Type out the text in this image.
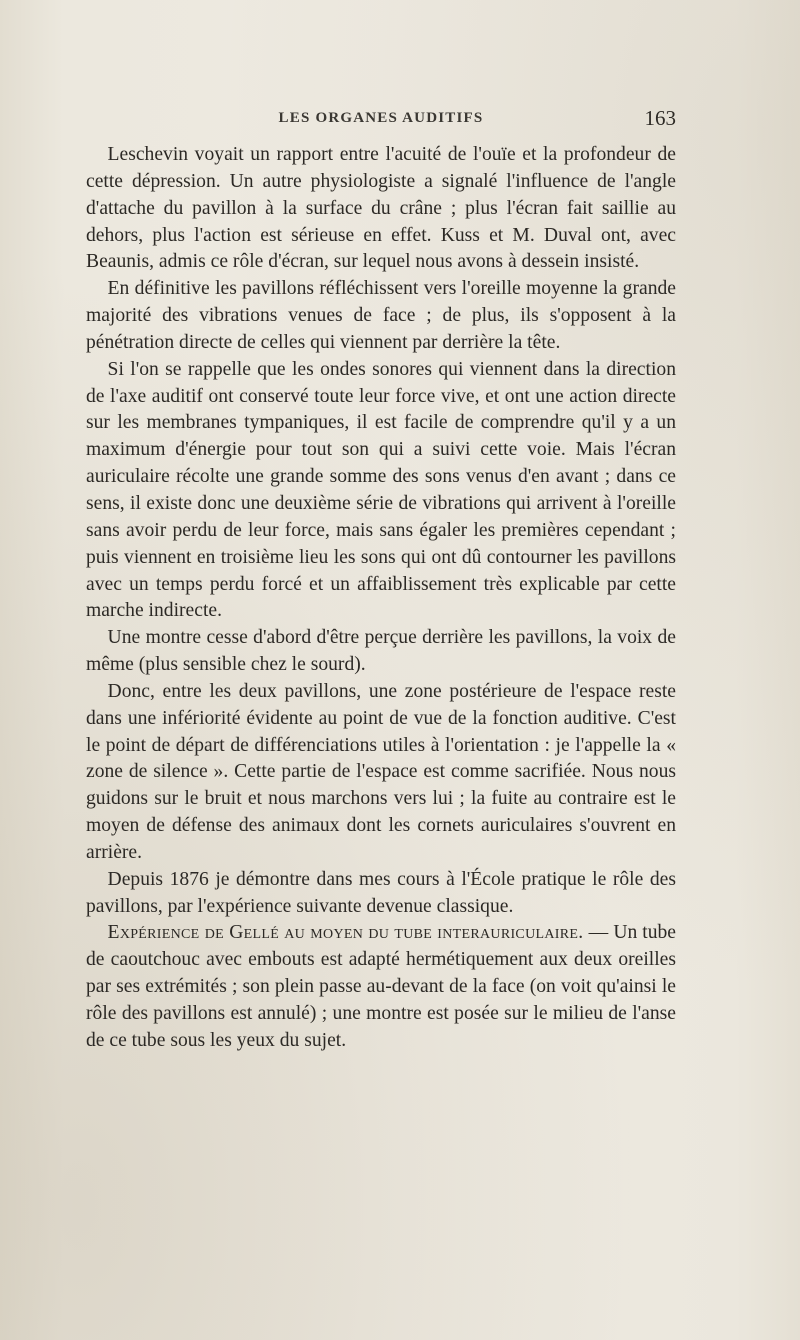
LES ORGANES AUDITIFS	163

Leschevin voyait un rapport entre l'acuité de l'ouïe et la profondeur de cette dépression. Un autre physiologiste a signalé l'influence de l'angle d'attache du pavillon à la surface du crâne ; plus l'écran fait saillie au dehors, plus l'action est sérieuse en effet. Kuss et M. Duval ont, avec Beaunis, admis ce rôle d'écran, sur lequel nous avons à dessein insisté.

En définitive les pavillons réfléchissent vers l'oreille moyenne la grande majorité des vibrations venues de face ; de plus, ils s'opposent à la pénétration directe de celles qui viennent par derrière la tête.

Si l'on se rappelle que les ondes sonores qui viennent dans la direction de l'axe auditif ont conservé toute leur force vive, et ont une action directe sur les membranes tympaniques, il est facile de comprendre qu'il y a un maximum d'énergie pour tout son qui a suivi cette voie. Mais l'écran auriculaire récolte une grande somme des sons venus d'en avant ; dans ce sens, il existe donc une deuxième série de vibrations qui arrivent à l'oreille sans avoir perdu de leur force, mais sans égaler les premières cependant ; puis viennent en troisième lieu les sons qui ont dû contourner les pavillons avec un temps perdu forcé et un affaiblissement très explicable par cette marche indirecte.

Une montre cesse d'abord d'être perçue derrière les pavillons, la voix de même (plus sensible chez le sourd).

Donc, entre les deux pavillons, une zone postérieure de l'espace reste dans une infériorité évidente au point de vue de la fonction auditive. C'est le point de départ de différenciations utiles à l'orientation : je l'appelle la « zone de silence ». Cette partie de l'espace est comme sacrifiée. Nous nous guidons sur le bruit et nous marchons vers lui ; la fuite au contraire est le moyen de défense des animaux dont les cornets auriculaires s'ouvrent en arrière.

Depuis 1876 je démontre dans mes cours à l'École pratique le rôle des pavillons, par l'expérience suivante devenue classique.

Expérience de Gellé au moyen du tube interauriculaire. — Un tube de caoutchouc avec embouts est adapté hermétiquement aux deux oreilles par ses extrémités ; son plein passe au-devant de la face (on voit qu'ainsi le rôle des pavillons est annulé) ; une montre est posée sur le milieu de l'anse de ce tube sous les yeux du sujet.
